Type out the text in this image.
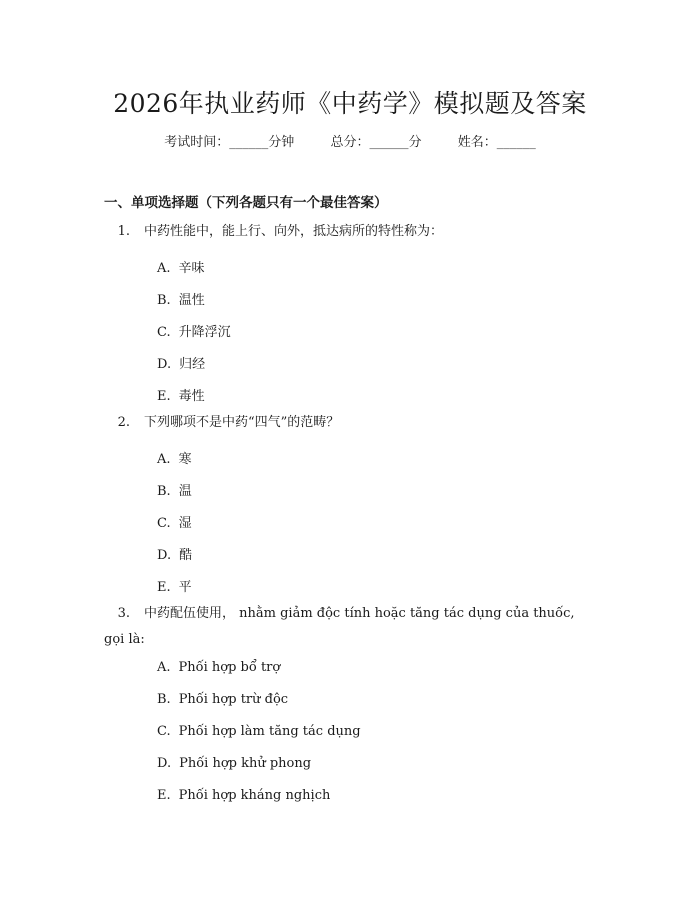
2026年执业药师《中药学》模拟题及答案
考试时间：______分钟	总分：______分	姓名：______
一、单项选择题（下列各题只有一个最佳答案）
1. 中药性能中，能上行、向外，抵达病所的特性称为：
A. 辛味
B. 温性
C. 升降浮沉
D. 归经
E. 毒性
2. 下列哪项不是中药“四气”的范畴？
A. 寒
B. 温
C. 湿
D. 酷
E. 平
3. 中药配伍使用， nhằm giảm độc tính hoặc tăng tác dụng của thuốc,
gọi là:
A. Phối hợp bổ trợ
B. Phối hợp trừ độc
C. Phối hợp làm tăng tác dụng
D. Phối hợp khử phong
E. Phối hợp kháng nghịch
